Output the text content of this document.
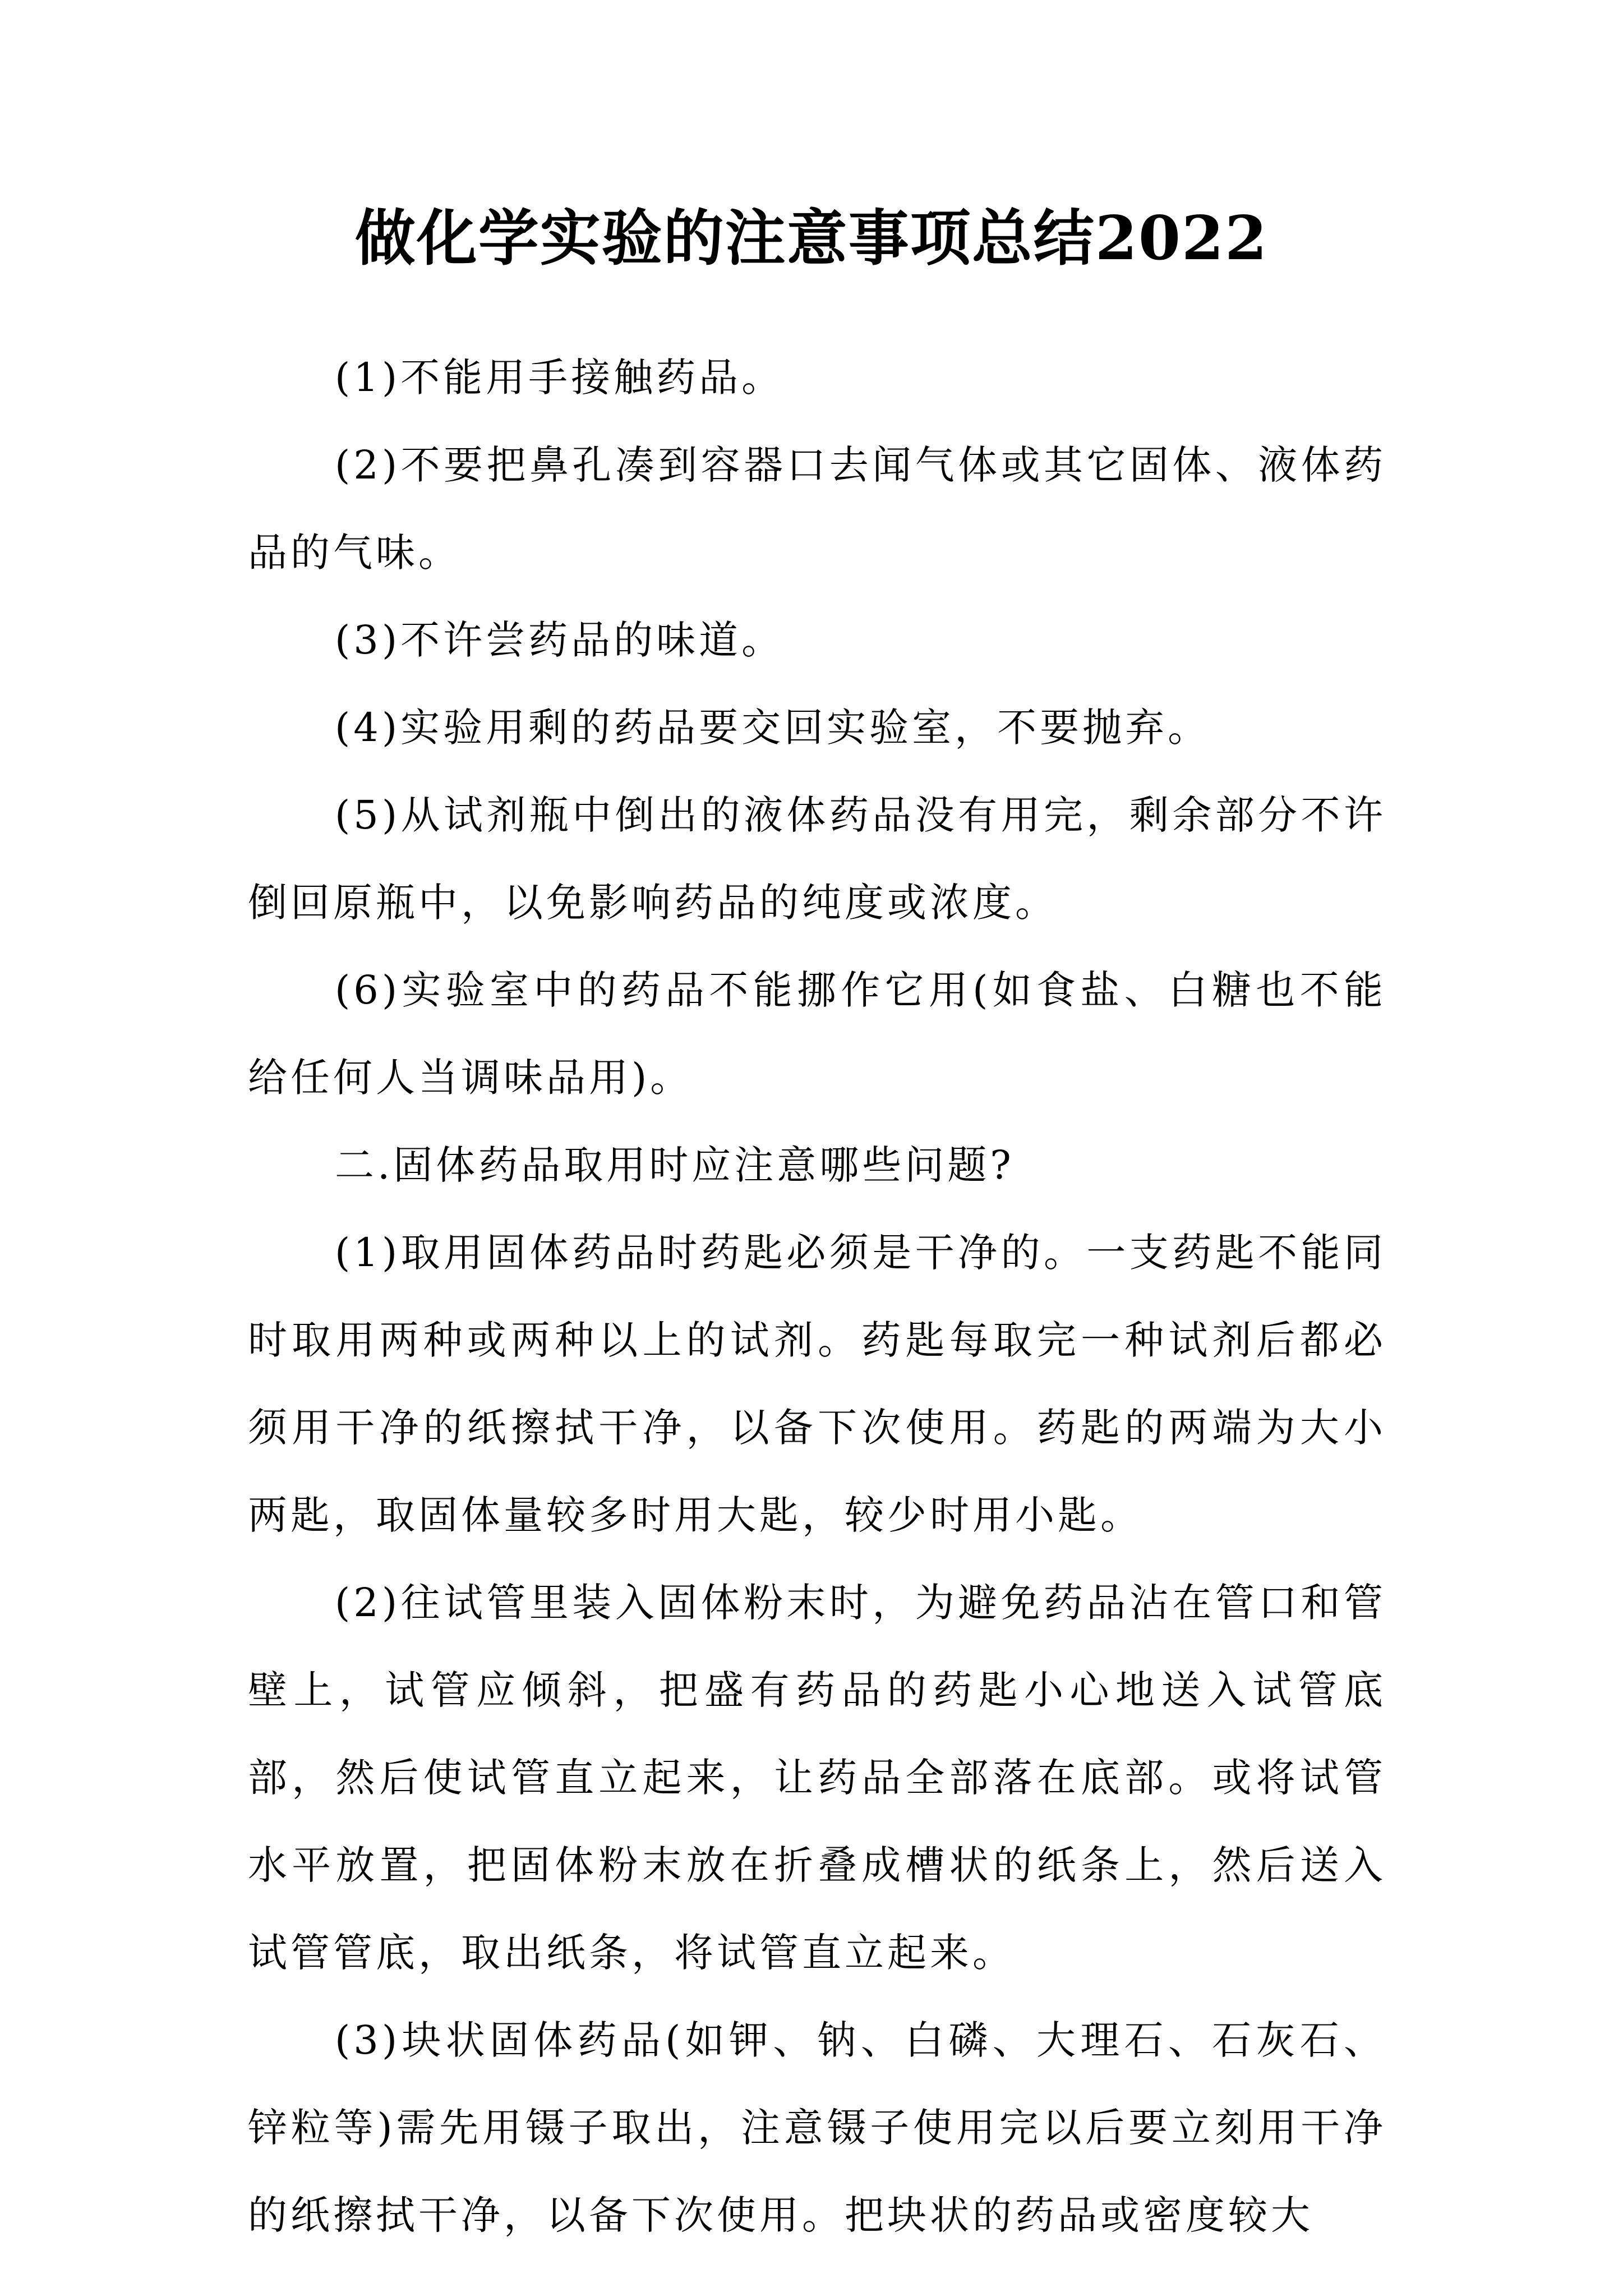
做化学实验的注意事项总结2022

(1)不能用手接触药品。

(2)不要把鼻孔凑到容器口去闻气体或其它固体、液体药品的气味。

(3)不许尝药品的味道。

(4)实验用剩的药品要交回实验室，不要抛弃。

(5)从试剂瓶中倒出的液体药品没有用完，剩余部分不许倒回原瓶中，以免影响药品的纯度或浓度。

(6)实验室中的药品不能挪作它用(如食盐、白糖也不能给任何人当调味品用)。

二.固体药品取用时应注意哪些问题?

(1)取用固体药品时药匙必须是干净的。一支药匙不能同时取用两种或两种以上的试剂。药匙每取完一种试剂后都必须用干净的纸擦拭干净，以备下次使用。药匙的两端为大小两匙，取固体量较多时用大匙，较少时用小匙。

(2)往试管里装入固体粉末时，为避免药品沾在管口和管壁上，试管应倾斜，把盛有药品的药匙小心地送入试管底部，然后使试管直立起来，让药品全部落在底部。或将试管水平放置，把固体粉末放在折叠成槽状的纸条上，然后送入试管管底，取出纸条，将试管直立起来。

(3)块状固体药品(如钾、钠、白磷、大理石、石灰石、锌粒等)需先用镊子取出，注意镊子使用完以后要立刻用干净的纸擦拭干净，以备下次使用。把块状的药品或密度较大
